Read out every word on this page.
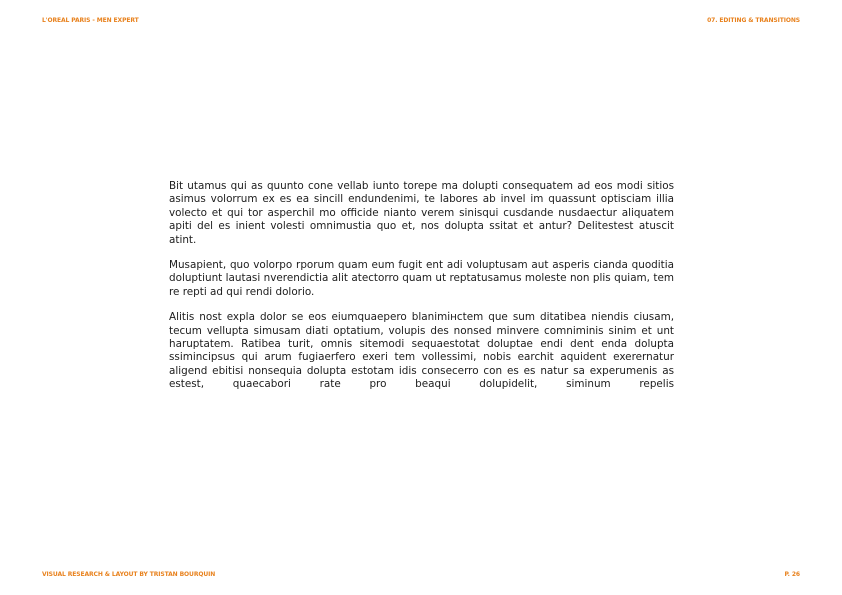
L'OREAL PARIS - MEN EXPERT	07. EDITING & TRANSITIONS

Bit utamus qui as quunto cone vellab iunto torepe ma dolupti consequatem ad eos modi sitios asimus volorrum ex es ea sincill endundenimi, te labores ab invel im quassunt optisciam illia volecto et qui tor asperchil mo officide nianto verem sinisqui cusdande nusdaectur aliquatem apiti del es inient volesti omnimustia quo et, nos dolupta ssitat et antur? Delitestest atuscit atint.

Musapient, quo volorpo rporum quam eum fugit ent adi voluptusam aut asperis cianda quoditia doluptiunt lautasi nverendictia alit atectorro quam ut reptatusamus moleste non plis quiam, tem re repti ad qui rendi dolorio.

Alitis nost expla dolor se eos eiumquaepero blanimінctem que sum ditatibea niendis ciusam, tecum vellupta simusam diati optatium, volupis des nonsed minvere comniminis sinim et unt haruptatem. Ratibea turit, omnis sitemodi sequaestotat doluptae endi dent enda dolupta ssimincipsus qui arum fugiaerfero exeri tem vollessimi, nobis earchit aquident exerernatur aligend ebitisi nonsequia dolupta estotam idis consecerro con es es natur sa experumenis as estest, quaecabori rate pro beaqui dolupidelit, siminum repelis

VISUAL RESEARCH & LAYOUT BY TRISTAN BOURQUIN	P. 26
